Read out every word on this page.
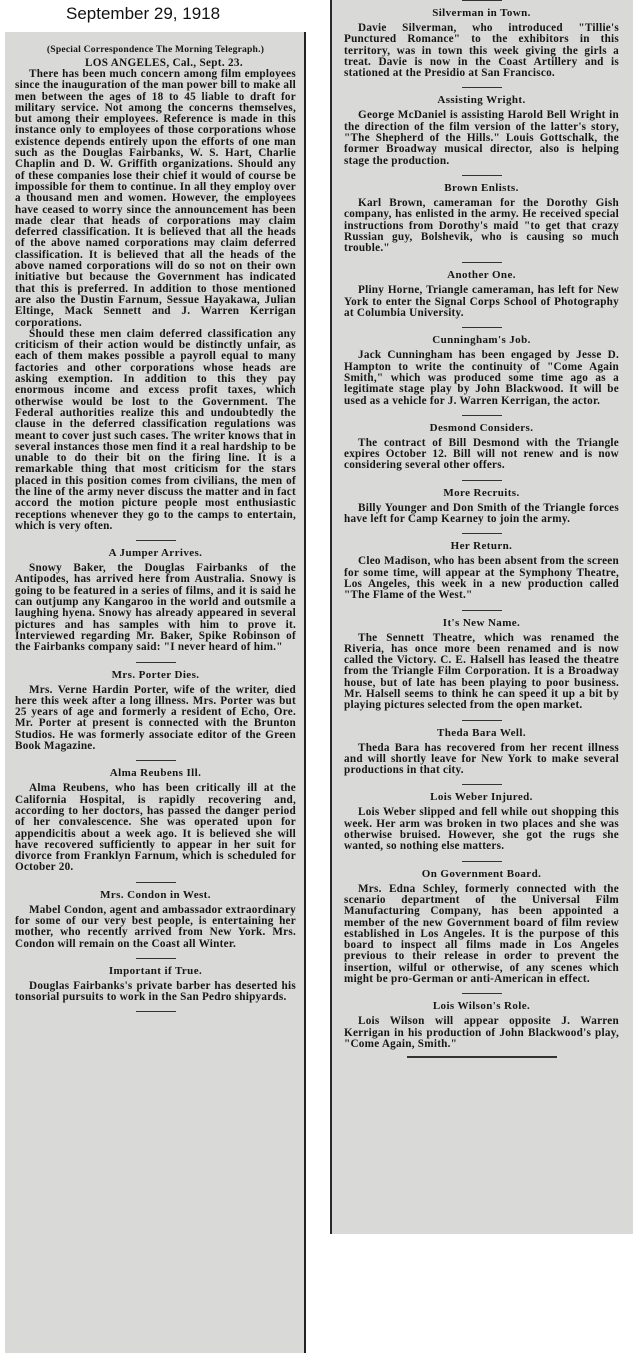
September 29, 1918
(Special Correspondence The Morning Telegraph.)
LOS ANGELES, Cal., Sept. 23.

There has been much concern among film employees since the inauguration of the man power bill to make all men between the ages of 18 to 45 liable to draft for military service. Not among the concerns themselves, but among their employees. Reference is made in this instance only to employees of those corporations whose existence depends entirely upon the efforts of one man such as the Douglas Fairbanks, W. S. Hart, Charlie Chaplin and D. W. Griffith organizations. Should any of these companies lose their chief it would of course be impossible for them to continue. In all they employ over a thousand men and women. However, the employees have ceased to worry since the announcement has been made clear that heads of corporations may claim deferred classification. It is believed that all the heads of the above named corporations may claim deferred classification. It is believed that all the heads of the above named corporations will do so not on their own initiative but because the Government has indicated that this is preferred. In addition to those mentioned are also the Dustin Farnum, Sessue Hayakawa, Julian Eltinge, Mack Sennett and J. Warren Kerrigan corporations.

Should these men claim deferred classification any criticism of their action would be distinctly unfair, as each of them makes possible a payroll equal to many factories and other corporations whose heads are asking exemption. In addition to this they pay enormous income and excess profit taxes, which otherwise would be lost to the Government. The Federal authorities realize this and undoubtedly the clause in the deferred classification regulations was meant to cover just such cases. The writer knows that in several instances those men find it a real hardship to be unable to do their bit on the firing line. It is a remarkable thing that most criticism for the stars placed in this position comes from civilians, the men of the line of the army never discuss the matter and in fact accord the motion picture people most enthusiastic receptions whenever they go to the camps to entertain, which is very often.

A Jumper Arrives.

Snowy Baker, the Douglas Fairbanks of the Antipodes, has arrived here from Australia. Snowy is going to be featured in a series of films, and it is said he can outjump any Kangaroo in the world and outsmile a laughing hyena. Snowy has already appeared in several pictures and has samples with him to prove it. Interviewed regarding Mr. Baker, Spike Robinson of the Fairbanks company said: "I never heard of him."

Mrs. Porter Dies.

Mrs. Verne Hardin Porter, wife of the writer, died here this week after a long illness. Mrs. Porter was but 25 years of age and formerly a resident of Echo, Ore. Mr. Porter at present is connected with the Brunton Studios. He was formerly associate editor of the Green Book Magazine.

Alma Reubens Ill.

Alma Reubens, who has been critically ill at the California Hospital, is rapidly recovering and, according to her doctors, has passed the danger period of her convalescence. She was operated upon for appendicitis about a week ago. It is believed she will have recovered sufficiently to appear in her suit for divorce from Franklyn Farnum, which is scheduled for October 20.

Mrs. Condon in West.

Mabel Condon, agent and ambassador extraordinary for some of our very best people, is entertaining her mother, who recently arrived from New York. Mrs. Condon will remain on the Coast all Winter.

Important if True.

Douglas Fairbanks's private barber has deserted his tonsorial pursuits to work in the San Pedro shipyards.

Silverman in Town.

Davie Silverman, who introduced "Tillie's Punctured Romance" to the exhibitors in this territory, was in town this week giving the girls a treat. Davie is now in the Coast Artillery and is stationed at the Presidio at San Francisco.

Assisting Wright.

George McDaniel is assisting Harold Bell Wright in the direction of the film version of the latter's story, "The Shepherd of the Hills." Louis Gottschalk, the former Broadway musical director, also is helping stage the production.

Brown Enlists.

Karl Brown, cameraman for the Dorothy Gish company, has enlisted in the army. He received special instructions from Dorothy's maid "to get that crazy Russian guy, Bolshevik, who is causing so much trouble."

Another One.

Pliny Horne, Triangle cameraman, has left for New York to enter the Signal Corps School of Photography at Columbia University.

Cunningham's Job.

Jack Cunningham has been engaged by Jesse D. Hampton to write the continuity of "Come Again Smith," which was produced some time ago as a legitimate stage play by John Blackwood. It will be used as a vehicle for J. Warren Kerrigan, the actor.

Desmond Considers.

The contract of Bill Desmond with the Triangle expires October 12. Bill will not renew and is now considering several other offers.

More Recruits.

Billy Younger and Don Smith of the Triangle forces have left for Camp Kearney to join the army.

Her Return.

Cleo Madison, who has been absent from the screen for some time, will appear at the Symphony Theatre, Los Angeles, this week in a new production called "The Flame of the West."

It's New Name.

The Sennett Theatre, which was renamed the Riveria, has once more been renamed and is now called the Victory. C. E. Halsell has leased the theatre from the Triangle Film Corporation. It is a Broadway house, but of late has been playing to poor business. Mr. Halsell seems to think he can speed it up a bit by playing pictures selected from the open market.

Theda Bara Well.

Theda Bara has recovered from her recent illness and will shortly leave for New York to make several productions in that city.

Lois Weber Injured.

Lois Weber slipped and fell while out shopping this week. Her arm was broken in two places and she was otherwise bruised. However, she got the rugs she wanted, so nothing else matters.

On Government Board.

Mrs. Edna Schley, formerly connected with the scenario department of the Universal Film Manufacturing Company, has been appointed a member of the new Government board of film review established in Los Angeles. It is the purpose of this board to inspect all films made in Los Angeles previous to their release in order to prevent the insertion, wilful or otherwise, of any scenes which might be pro-German or anti-American in effect.

Lois Wilson's Role.

Lois Wilson will appear opposite J. Warren Kerrigan in his production of John Blackwood's play, "Come Again, Smith."
